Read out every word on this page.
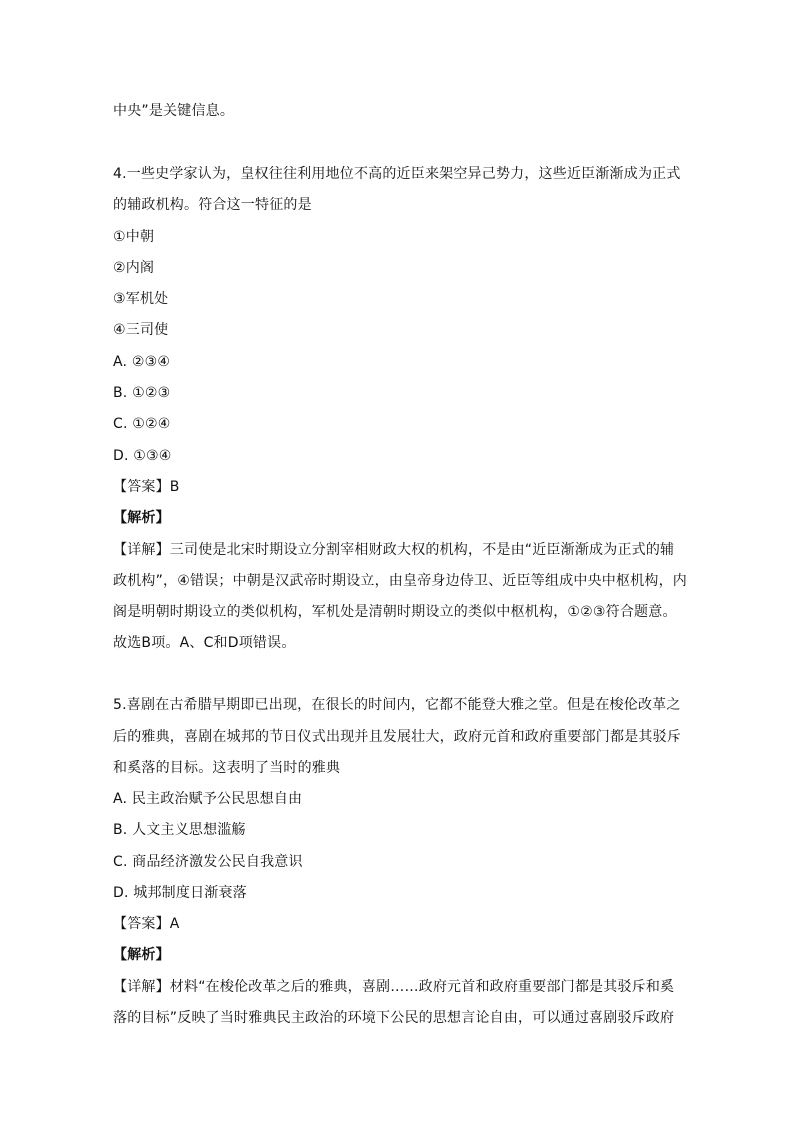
中央”是关键信息。
4.一些史学家认为，皇权往往利用地位不高的近臣来架空异己势力，这些近臣渐渐成为正式
的辅政机构。符合这一特征的是
①中朝
②内阁
③军机处
④三司使
A. ②③④
B. ①②③
C. ①②④
D. ①③④
【答案】B
【解析】
【详解】三司使是北宋时期设立分割宰相财政大权的机构，不是由“近臣渐渐成为正式的辅
政机构”，④错误；中朝是汉武帝时期设立，由皇帝身边侍卫、近臣等组成中央中枢机构，内
阁是明朝时期设立的类似机构，军机处是清朝时期设立的类似中枢机构，①②③符合题意。
故选B项。A、C和D项错误。
5.喜剧在古希腊早期即已出现，在很长的时间内，它都不能登大雅之堂。但是在梭伦改革之
后的雅典，喜剧在城邦的节日仪式出现并且发展壮大，政府元首和政府重要部门都是其驳斥
和奚落的目标。这表明了当时的雅典
A. 民主政治赋予公民思想自由
B. 人文主义思想滥觞
C. 商品经济激发公民自我意识
D. 城邦制度日渐衰落
【答案】A
【解析】
【详解】材料“在梭伦改革之后的雅典，喜剧……政府元首和政府重要部门都是其驳斥和奚
落的目标”反映了当时雅典民主政治的环境下公民的思想言论自由，可以通过喜剧驳斥政府
